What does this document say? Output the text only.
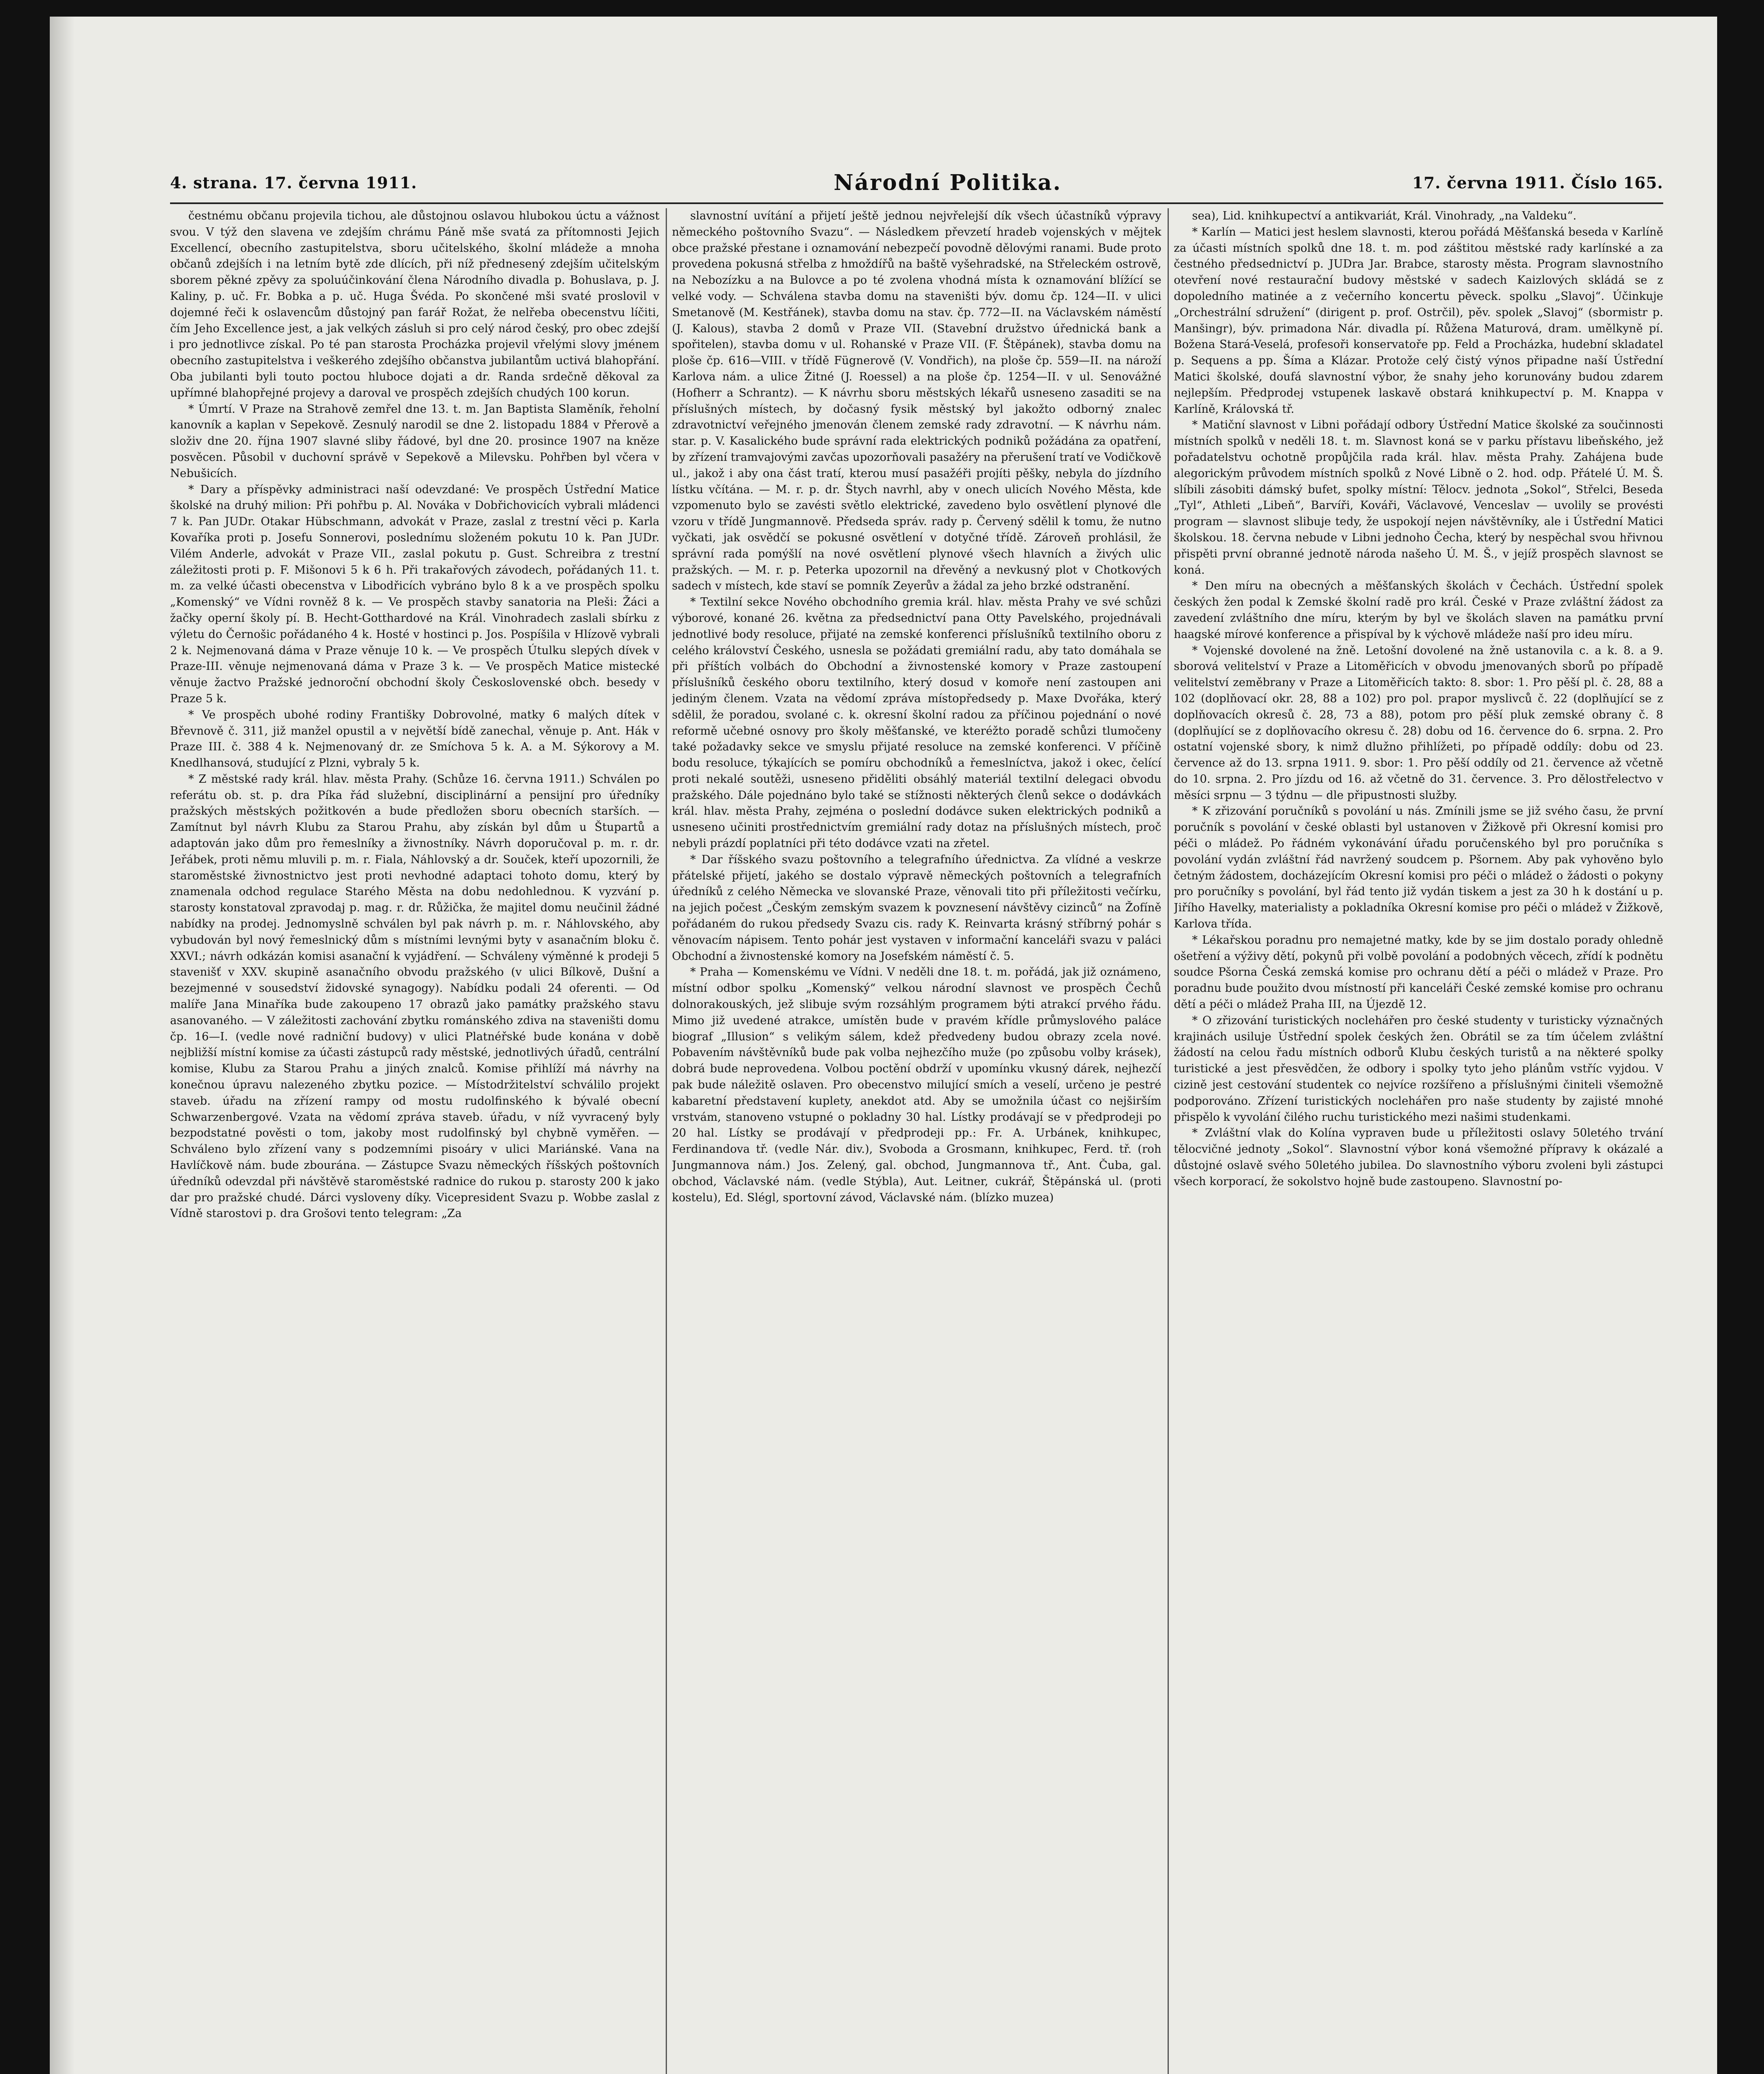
4. strana. 17. června 1911.	Národní Politika.	17. června 1911. Číslo 165.

čestnému občanu projevila tichou, ale důstojnou oslavou hlubokou úctu a vážnost svou. V týž den slavena ve zdejším chrámu Páně mše svatá za přítomnosti Jejich Excellencí, obecního zastupitelstva, sboru učitelského, školní mládeže a mnoha občanů zdejších i na letním bytě zde dlících, při níž přednesený zdejším učitelským sborem pěkné zpěvy za spoluúčinkování člena Národního divadla p. Bohuslava, p. J. Kaliny, p. uč. Fr. Bobka a p. uč. Huga Švéda. Po skončené mši svaté proslovil v dojemné řeči k oslavencům důstojný pan farář Rožat, že nelřeba obecenstvu líčiti, čím Jeho Excellence jest, a jak velkých zásluh si pro celý národ český, pro obec zdejší i pro jednotlivce získal. Po té pan starosta Procházka projevil vřelými slovy jménem obecního zastupitelstva i veškerého zdejšího občanstva jubilantům uctivá blahopřání. Oba jubilanti byli touto poctou hluboce dojati a dr. Randa srdečně děkoval za upřímné blahopřejné projevy a daroval ve prospěch zdejších chudých 100 korun.

* Úmrtí. V Praze na Strahově zemřel dne 13. t. m. Jan Baptista Slaměník, řeholní kanovník a kaplan v Sepekově. Zesnulý narodil se dne 2. listopadu 1884 v Přerově a složiv dne 20. října 1907 slavné sliby řádové, byl dne 20. prosince 1907 na kněze posvěcen. Působil v duchovní správě v Sepekově a Milevsku. Pohřben byl včera v Nebušicích.

* Dary a příspěvky administraci naší odevzdané: Ve prospěch Ústřední Matice školské na druhý milion: Při pohřbu p. Al. Nováka v Dobřichovicích vybrali mládenci 7 k. Pan JUDr. Otakar Hübschmann, advokát v Praze, zaslal z trestní věci p. Karla Kovaříka proti p. Josefu Sonnerovi, poslednímu složeném pokutu 10 k. Pan JUDr. Vilém Anderle, advokát v Praze VII., zaslal pokutu p. Gust. Schreibra z trestní záležitosti proti p. F. Mišonovi 5 k 6 h. Při trakařových závodech, pořádaných 11. t. m. za velké účasti obecenstva v Libodřicích vybráno bylo 8 k a ve prospěch spolku „Komenský“ ve Vídni rovněž 8 k. — Ve prospěch stavby sanatoria na Pleši: Žáci a žačky operní školy pí. B. Hecht-Gotthardové na Král. Vinohradech zaslali sbírku z výletu do Černošic pořádaného 4 k. Hosté v hostinci p. Jos. Pospíšila v Hlízově vybrali 2 k. Nejmenovaná dáma v Praze věnuje 10 k. — Ve prospěch Útulku slepých dívek v Praze-III. věnuje nejmenovaná dáma v Praze 3 k. — Ve prospěch Matice mistecké věnuje žactvo Pražské jednoroční obchodní školy Československé obch. besedy v Praze 5 k.

* Ve prospěch ubohé rodiny Františky Dobrovolné, matky 6 malých dítek v Břevnově č. 311, již manžel opustil a v největší bídě zanechal, věnuje p. Ant. Hák v Praze III. č. 388 4 k. Nejmenovaný dr. ze Smíchova 5 k. A. a M. Sýkorovy a M. Knedlhansová, studující z Plzni, vybraly 5 k.

* Z městské rady král. hlav. města Prahy. (Schůze 16. června 1911.) Schválen po referátu ob. st. p. dra Píka řád služební, disciplinární a pensijní pro úředníky pražských městských požitkovén a bude předložen sboru obecních starších. — Zamítnut byl návrh Klubu za Starou Prahu, aby získán byl dům u Štupartů a adaptován jako dům pro řemeslníky a živnostníky. Návrh doporučoval p. m. r. dr. Jeřábek, proti němu mluvili p. m. r. Fiala, Náhlovský a dr. Souček, kteří upozornili, že staroměstské živnostnictvo jest proti nevhodné adaptaci tohoto domu, který by znamenala odchod regulace Starého Města na dobu nedohlednou. K vyzvání p. starosty konstatoval zpravodaj p. mag. r. dr. Růžička, že majitel domu neučinil žádné nabídky na prodej. Jednomyslně schválen byl pak návrh p. m. r. Náhlovského, aby vybudován byl nový řemeslnický dům s místními levnými byty v asanačním bloku č. XXVI.; návrh odkázán komisi asanační k vyjádření. — Schváleny výměnné k prodeji 5 stavenišť v XXV. skupině asanačního obvodu pražského (v ulici Bílkově, Dušní a bezejmenné v sousedství židovské synagogy). Nabídku podali 24 oferenti. — Od malíře Jana Minaříka bude zakoupeno 17 obrazů jako památky pražského stavu asanovaného. — V záležitosti zachování zbytku románského zdiva na staveništi domu čp. 16—I. (vedle nové radniční budovy) v ulici Platnéřské bude konána v době nejbližší místní komise za účasti zástupců rady městské, jednotlivých úřadů, centrální komise, Klubu za Starou Prahu a jiných znalců. Komise přihlíží má návrhy na konečnou úpravu nalezeného zbytku pozice. — Místodržitelství schválilo projekt staveb. úřadu na zřízení rampy od mostu rudolfinského k bývalé obecní Schwarzenbergové. Vzata na vědomí zpráva staveb. úřadu, v níž vyvracený byly bezpodstatné pověsti o tom, jakoby most rudolfinský byl chybně vyměřen. — Schváleno bylo zřízení vany s podzemními pisoáry v ulici Mariánské. Vana na Havlíčkově nám. bude zbourána. — Zástupce Svazu německých říšských poštovních úředníků odevzdal při návštěvě staroměstské radnice do rukou p. starosty 200 k jako dar pro pražské chudé. Dárci vysloveny díky. Vicepresident Svazu p. Wobbe zaslal z Vídně starostovi p. dra Grošovi tento telegram: „Za

slavnostní uvítání a přijetí ještě jednou nejvřelejší dík všech účastníků výpravy německého poštovního Svazu“. — Následkem převzetí hradeb vojenských v mějtek obce pražské přestane i oznamování nebezpečí povodně dělovými ranami. Bude proto provedena pokusná střelba z hmoždířů na baště vyšehradské, na Střeleckém ostrově, na Nebozízku a na Bulovce a po té zvolena vhodná místa k oznamování blížící se velké vody. — Schválena stavba domu na staveništi býv. domu čp. 124—II. v ulici Smetanově (M. Kestřánek), stavba domu na stav. čp. 772—II. na Václavském náměstí (J. Kalous), stavba 2 domů v Praze VII. (Stavební družstvo úřednická bank a spořitelen), stavba domu v ul. Rohanské v Praze VII. (F. Štěpánek), stavba domu na ploše čp. 616—VIII. v třídě Fügnerově (V. Vondřich), na ploše čp. 559—II. na nároží Karlova nám. a ulice Žitné (J. Roessel) a na ploše čp. 1254—II. v ul. Senovážné (Hofherr a Schrantz). — K návrhu sboru městských lékařů usneseno zasaditi se na příslušných místech, by dočasný fysik městský byl jakožto odborný znalec zdravotnictví veřejného jmenován členem zemské rady zdravotní. — K návrhu nám. star. p. V. Kasalického bude správní rada elektrických podniků požádána za opatření, by zřízení tramvajovými zavčas upozorňovali pasažéry na přerušení tratí ve Vodičkově ul., jakož i aby ona část tratí, kterou musí pasažéři projíti pěšky, nebyla do jízdního lístku včítána. — M. r. p. dr. Štych navrhl, aby v onech ulicích Nového Města, kde vzpomenuto bylo se zavésti světlo elektrické, zavedeno bylo osvětlení plynové dle vzoru v třídě Jungmannově. Předseda správ. rady p. Červený sdělil k tomu, že nutno vyčkati, jak osvědčí se pokusné osvětlení v dotyčné třídě. Zároveň prohlásil, že správní rada pomýšlí na nové osvětlení plynové všech hlavních a živých ulic pražských. — M. r. p. Peterka upozornil na dřevěný a nevkusný plot v Chotkových sadech v místech, kde staví se pomník Zeyerův a žádal za jeho brzké odstranění.

* Textilní sekce Nového obchodního gremia král. hlav. města Prahy ve své schůzi výborové, konané 26. května za předsednictví pana Otty Pavelského, projednávali jednotlivé body resoluce, přijaté na zemské konferenci příslušníků textilního oboru z celého království Českého, usnesla se požádati gremiální radu, aby tato domáhala se při příštích volbách do Obchodní a živnostenské komory v Praze zastoupení příslušníků českého oboru textilního, který dosud v komoře není zastoupen ani jediným členem. Vzata na vědomí zpráva místopředsedy p. Maxe Dvořáka, který sdělil, že poradou, svolané c. k. okresní školní radou za příčinou pojednání o nové reformě učebné osnovy pro školy měšťanské, ve kteréžto poradě schůzi tlumočeny také požadavky sekce ve smyslu přijaté resoluce na zemské konferenci. V příčině bodu resoluce, týkajících se pomíru obchodníků a řemeslníctva, jakož i okec, čelící proti nekalé soutěži, usneseno přiděliti obsáhlý materiál textilní delegaci obvodu pražského. Dále pojednáno bylo také se stížnosti některých členů sekce o dodávkách král. hlav. města Prahy, zejména o poslední dodávce suken elektrických podniků a usneseno učiniti prostřednictvím gremiální rady dotaz na příslušných místech, proč nebyli prázdí poplatníci při této dodávce vzati na zřetel.

* Dar říšského svazu poštovního a telegrafního úřednictva. Za vlídné a veskrze přátelské přijetí, jakého se dostalo výpravě německých poštovních a telegrafních úředníků z celého Německa ve slovanské Praze, věnovali tito při příležitosti večírku, na jejich počest „Českým zemským svazem k povznesení návštěvy cizinců“ na Žofíně pořádaném do rukou předsedy Svazu cis. rady K. Reinvarta krásný stříbrný pohár s věnovacím nápisem. Tento pohár jest vystaven v informační kanceláři svazu v paláci Obchodní a živnostenské komory na Josefském náměstí č. 5.

* Praha — Komenskému ve Vídni. V neděli dne 18. t. m. pořádá, jak již oznámeno, místní odbor spolku „Komenský“ velkou národní slavnost ve prospěch Čechů dolnorakouských, jež slibuje svým rozsáhlým programem býti atrakcí prvého řádu. Mimo již uvedené atrakce, umístěn bude v pravém křídle průmyslového paláce biograf „Illusion“ s velikým sálem, kdež předvedeny budou obrazy zcela nové. Pobavením návštěvníků bude pak volba nejhezčího muže (po způsobu volby krásek), dobrá bude neprovedena. Volbou poctění obdrží v upomínku vkusný dárek, nejhezčí pak bude náležitě oslaven. Pro obecenstvo milující smích a veselí, určeno je pestré kabaretní představení kuplety, anekdot atd. Aby se umožnila účast co nejširším vrstvám, stanoveno vstupné o pokladny 30 hal. Lístky prodávají se v předprodeji po 20 hal. Lístky se prodávají v předprodeji pp.: Fr. A. Urbánek, knihkupec, Ferdinandova tř. (vedle Nár. div.), Svoboda a Grosmann, knihkupec, Ferd. tř. (roh Jungmannova nám.) Jos. Zelený, gal. obchod, Jungmannova tř., Ant. Čuba, gal. obchod, Václavské nám. (vedle Stýbla), Aut. Leitner, cukrář, Štěpánská ul. (proti kostelu), Ed. Slégl, sportovní závod, Václavské nám. (blízko muzea)

sea), Lid. knihkupectví a antikvariát, Král. Vinohrady, „na Valdeku“.

* Karlín — Matici jest heslem slavnosti, kterou pořádá Měšťanská beseda v Karlíně za účasti místních spolků dne 18. t. m. pod záštitou městské rady karlínské a za čestného předsednictví p. JUDra Jar. Brabce, starosty města. Program slavnostního otevření nové restaurační budovy městské v sadech Kaizlových skládá se z dopoledního matinée a z večerního koncertu pěveck. spolku „Slavoj“. Účinkuje „Orchestrální sdružení“ (dirigent p. prof. Ostrčil), pěv. spolek „Slavoj“ (sbormistr p. Manšingr), býv. primadona Nár. divadla pí. Růžena Maturová, dram. umělkyně pí. Božena Stará-Veselá, profesoři konservatoře pp. Feld a Procházka, hudební skladatel p. Sequens a pp. Šíma a Klázar. Protože celý čistý výnos připadne naší Ústřední Matici školské, doufá slavnostní výbor, že snahy jeho korunovány budou zdarem nejlepším. Předprodej vstupenek laskavě obstará knihkupectví p. M. Knappa v Karlíně, Královská tř.

* Matiční slavnost v Libni pořádají odbory Ústřední Matice školské za součinnosti místních spolků v neděli 18. t. m. Slavnost koná se v parku přístavu libeňského, jež pořadatelstvu ochotně propůjčila rada král. hlav. města Prahy. Zahájena bude alegorickým průvodem místních spolků z Nové Libně o 2. hod. odp. Přátelé Ú. M. Š. slíbili zásobiti dámský bufet, spolky místní: Tělocv. jednota „Sokol“, Střelci, Beseda „Tyl“, Athleti „Libeň“, Barvíři, Kováři, Václavové, Venceslav — uvolily se provésti program — slavnost slibuje tedy, že uspokojí nejen návštěvníky, ale i Ústřední Matici školskou. 18. června nebude v Libni jednoho Čecha, který by nespěchal svou hřivnou přispěti první obranné jednotě národa našeho Ú. M. Š., v jejíž prospěch slavnost se koná.

* Den míru na obecných a měšťanských školách v Čechách. Ústřední spolek českých žen podal k Zemské školní radě pro král. České v Praze zvláštní žádost za zavedení zvláštního dne míru, kterým by byl ve školách slaven na památku první haagské mírové konference a přispíval by k výchově mládeže naší pro ideu míru.

* Vojenské dovolené na žně. Letošní dovolené na žně ustanovila c. a k. 8. a 9. sborová velitelství v Praze a Litoměřicích v obvodu jmenovaných sborů po případě velitelství zeměbrany v Praze a Litoměřicích takto: 8. sbor: 1. Pro pěší pl. č. 28, 88 a 102 (doplňovací okr. 28, 88 a 102) pro pol. prapor myslivců č. 22 (doplňující se z doplňovacích okresů č. 28, 73 a 88), potom pro pěší pluk zemské obrany č. 8 (doplňující se z doplňovacího okresu č. 28) dobu od 16. července do 6. srpna. 2. Pro ostatní vojenské sbory, k nimž dlužno přihlížeti, po případě oddíly: dobu od 23. července až do 13. srpna 1911. 9. sbor: 1. Pro pěší oddíly od 21. července až včetně do 10. srpna. 2. Pro jízdu od 16. až včetně do 31. července. 3. Pro dělostřelectvo v měsíci srpnu — 3 týdnu — dle připustnosti služby.

* K zřizování poručníků s povolání u nás. Zmínili jsme se již svého času, že první poručník s povolání v české oblasti byl ustanoven v Žižkově při Okresní komisi pro péči o mládež. Po řádném vykonávání úřadu poručenského byl pro poručníka s povolání vydán zvláštní řád navržený soudcem p. Pšornem. Aby pak vyhověno bylo četným žádostem, docházejícím Okresní komisi pro péči o mládež o žádosti o pokyny pro poručníky s povolání, byl řád tento již vydán tiskem a jest za 30 h k dostání u p. Jiřího Havelky, materialisty a pokladníka Okresní komise pro péči o mládež v Žižkově, Karlova třída.

* Lékařskou poradnu pro nemajetné matky, kde by se jim dostalo porady ohledně ošetření a výživy dětí, pokynů při volbě povolání a podobných věcech, zřídí k podnětu soudce Pšorna Česká zemská komise pro ochranu dětí a péči o mládež v Praze. Pro poradnu bude použito dvou místností při kanceláři České zemské komise pro ochranu dětí a péči o mládež Praha III, na Újezdě 12.

* O zřizování turistických noclehářen pro české studenty v turisticky význačných krajinách usiluje Ústřední spolek českých žen. Obrátil se za tím účelem zvláštní žádostí na celou řadu místních odborů Klubu českých turistů a na některé spolky turistické a jest přesvědčen, že odbory i spolky tyto jeho plánům vstříc vyjdou. V cizině jest cestování studentek co nejvíce rozšířeno a příslušnými činiteli všemožně podporováno. Zřízení turistických noclehářen pro naše studenty by zajisté mnohé přispělo k vyvolání čilého ruchu turistického mezi našimi studenkami.

* Zvláštní vlak do Kolína vypraven bude u příležitosti oslavy 50letého trvání tělocvičné jednoty „Sokol“. Slavnostní výbor koná všemožné přípravy k okázalé a důstojné oslavě svého 50letého jubilea. Do slavnostního výboru zvoleni byli zástupci všech korporací, že sokolstvo hojně bude zastoupeno. Slavnostní po-
